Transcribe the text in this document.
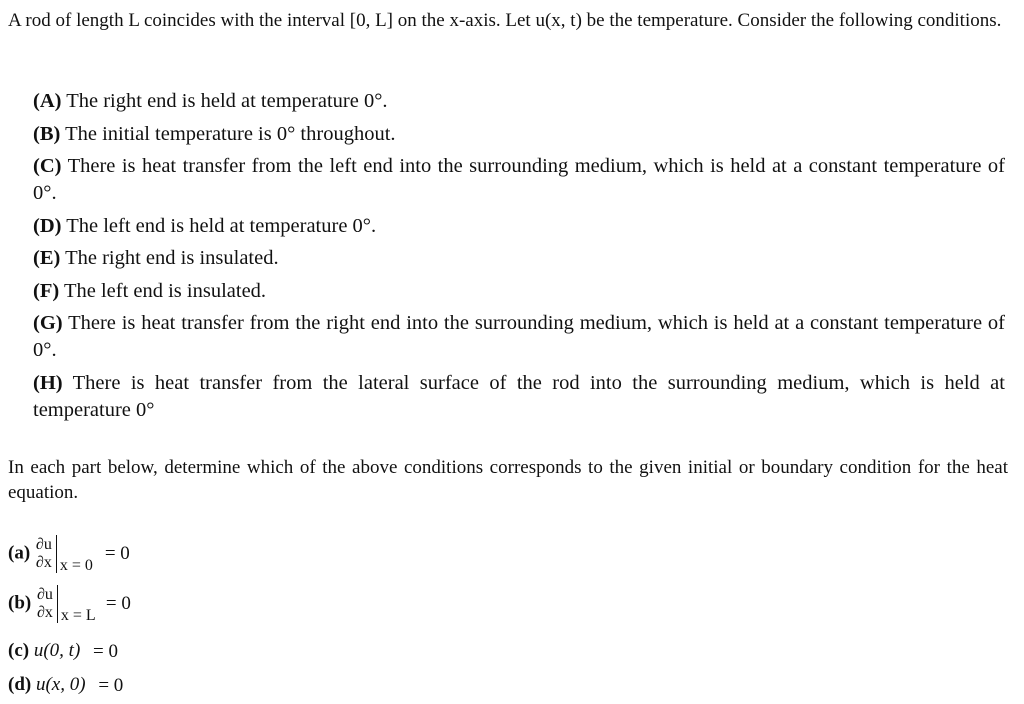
A rod of length L coincides with the interval [0, L] on the x-axis. Let u(x, t) be the temperature. Consider the following conditions.
(A) The right end is held at temperature 0°.
(B) The initial temperature is 0° throughout.
(C) There is heat transfer from the left end into the surrounding medium, which is held at a constant temperature of 0°.
(D) The left end is held at temperature 0°.
(E) The right end is insulated.
(F) The left end is insulated.
(G) There is heat transfer from the right end into the surrounding medium, which is held at a constant temperature of 0°.
(H) There is heat transfer from the lateral surface of the rod into the surrounding medium, which is held at temperature 0°
In each part below, determine which of the above conditions corresponds to the given initial or boundary condition for the heat equation.
(a) ∂u
∂x x = 0
= 0
(b) ∂u
∂x x = L
= 0
(c) u(0, t) = 0
(d) u(x, 0) = 0
